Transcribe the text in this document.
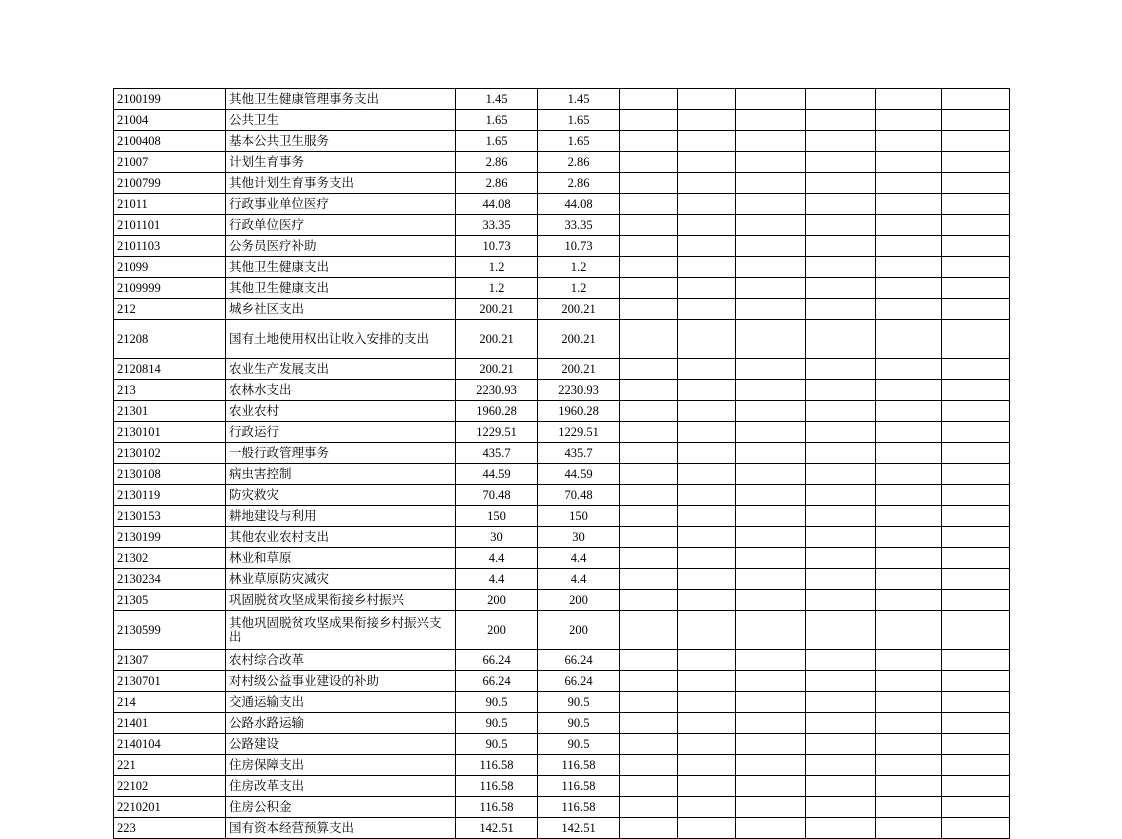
2100199	其他卫生健康管理事务支出	1.45	1.45						
21004	公共卫生	1.65	1.65						
2100408	基本公共卫生服务	1.65	1.65						
21007	计划生育事务	2.86	2.86						
2100799	其他计划生育事务支出	2.86	2.86						
21011	行政事业单位医疗	44.08	44.08						
2101101	行政单位医疗	33.35	33.35						
2101103	公务员医疗补助	10.73	10.73						
21099	其他卫生健康支出	1.2	1.2						
2109999	其他卫生健康支出	1.2	1.2						
212	城乡社区支出	200.21	200.21						
21208	国有土地使用权出让收入安排的支出	200.21	200.21						
2120814	农业生产发展支出	200.21	200.21						
213	农林水支出	2230.93	2230.93						
21301	农业农村	1960.28	1960.28						
2130101	行政运行	1229.51	1229.51						
2130102	一般行政管理事务	435.7	435.7						
2130108	病虫害控制	44.59	44.59						
2130119	防灾救灾	70.48	70.48						
2130153	耕地建设与利用	150	150						
2130199	其他农业农村支出	30	30						
21302	林业和草原	4.4	4.4						
2130234	林业草原防灾减灾	4.4	4.4						
21305	巩固脱贫攻坚成果衔接乡村振兴	200	200						
2130599	其他巩固脱贫攻坚成果衔接乡村振兴支出	200	200						
21307	农村综合改革	66.24	66.24						
2130701	对村级公益事业建设的补助	66.24	66.24						
214	交通运输支出	90.5	90.5						
21401	公路水路运输	90.5	90.5						
2140104	公路建设	90.5	90.5						
221	住房保障支出	116.58	116.58						
22102	住房改革支出	116.58	116.58						
2210201	住房公积金	116.58	116.58						
223	国有资本经营预算支出	142.51	142.51						
